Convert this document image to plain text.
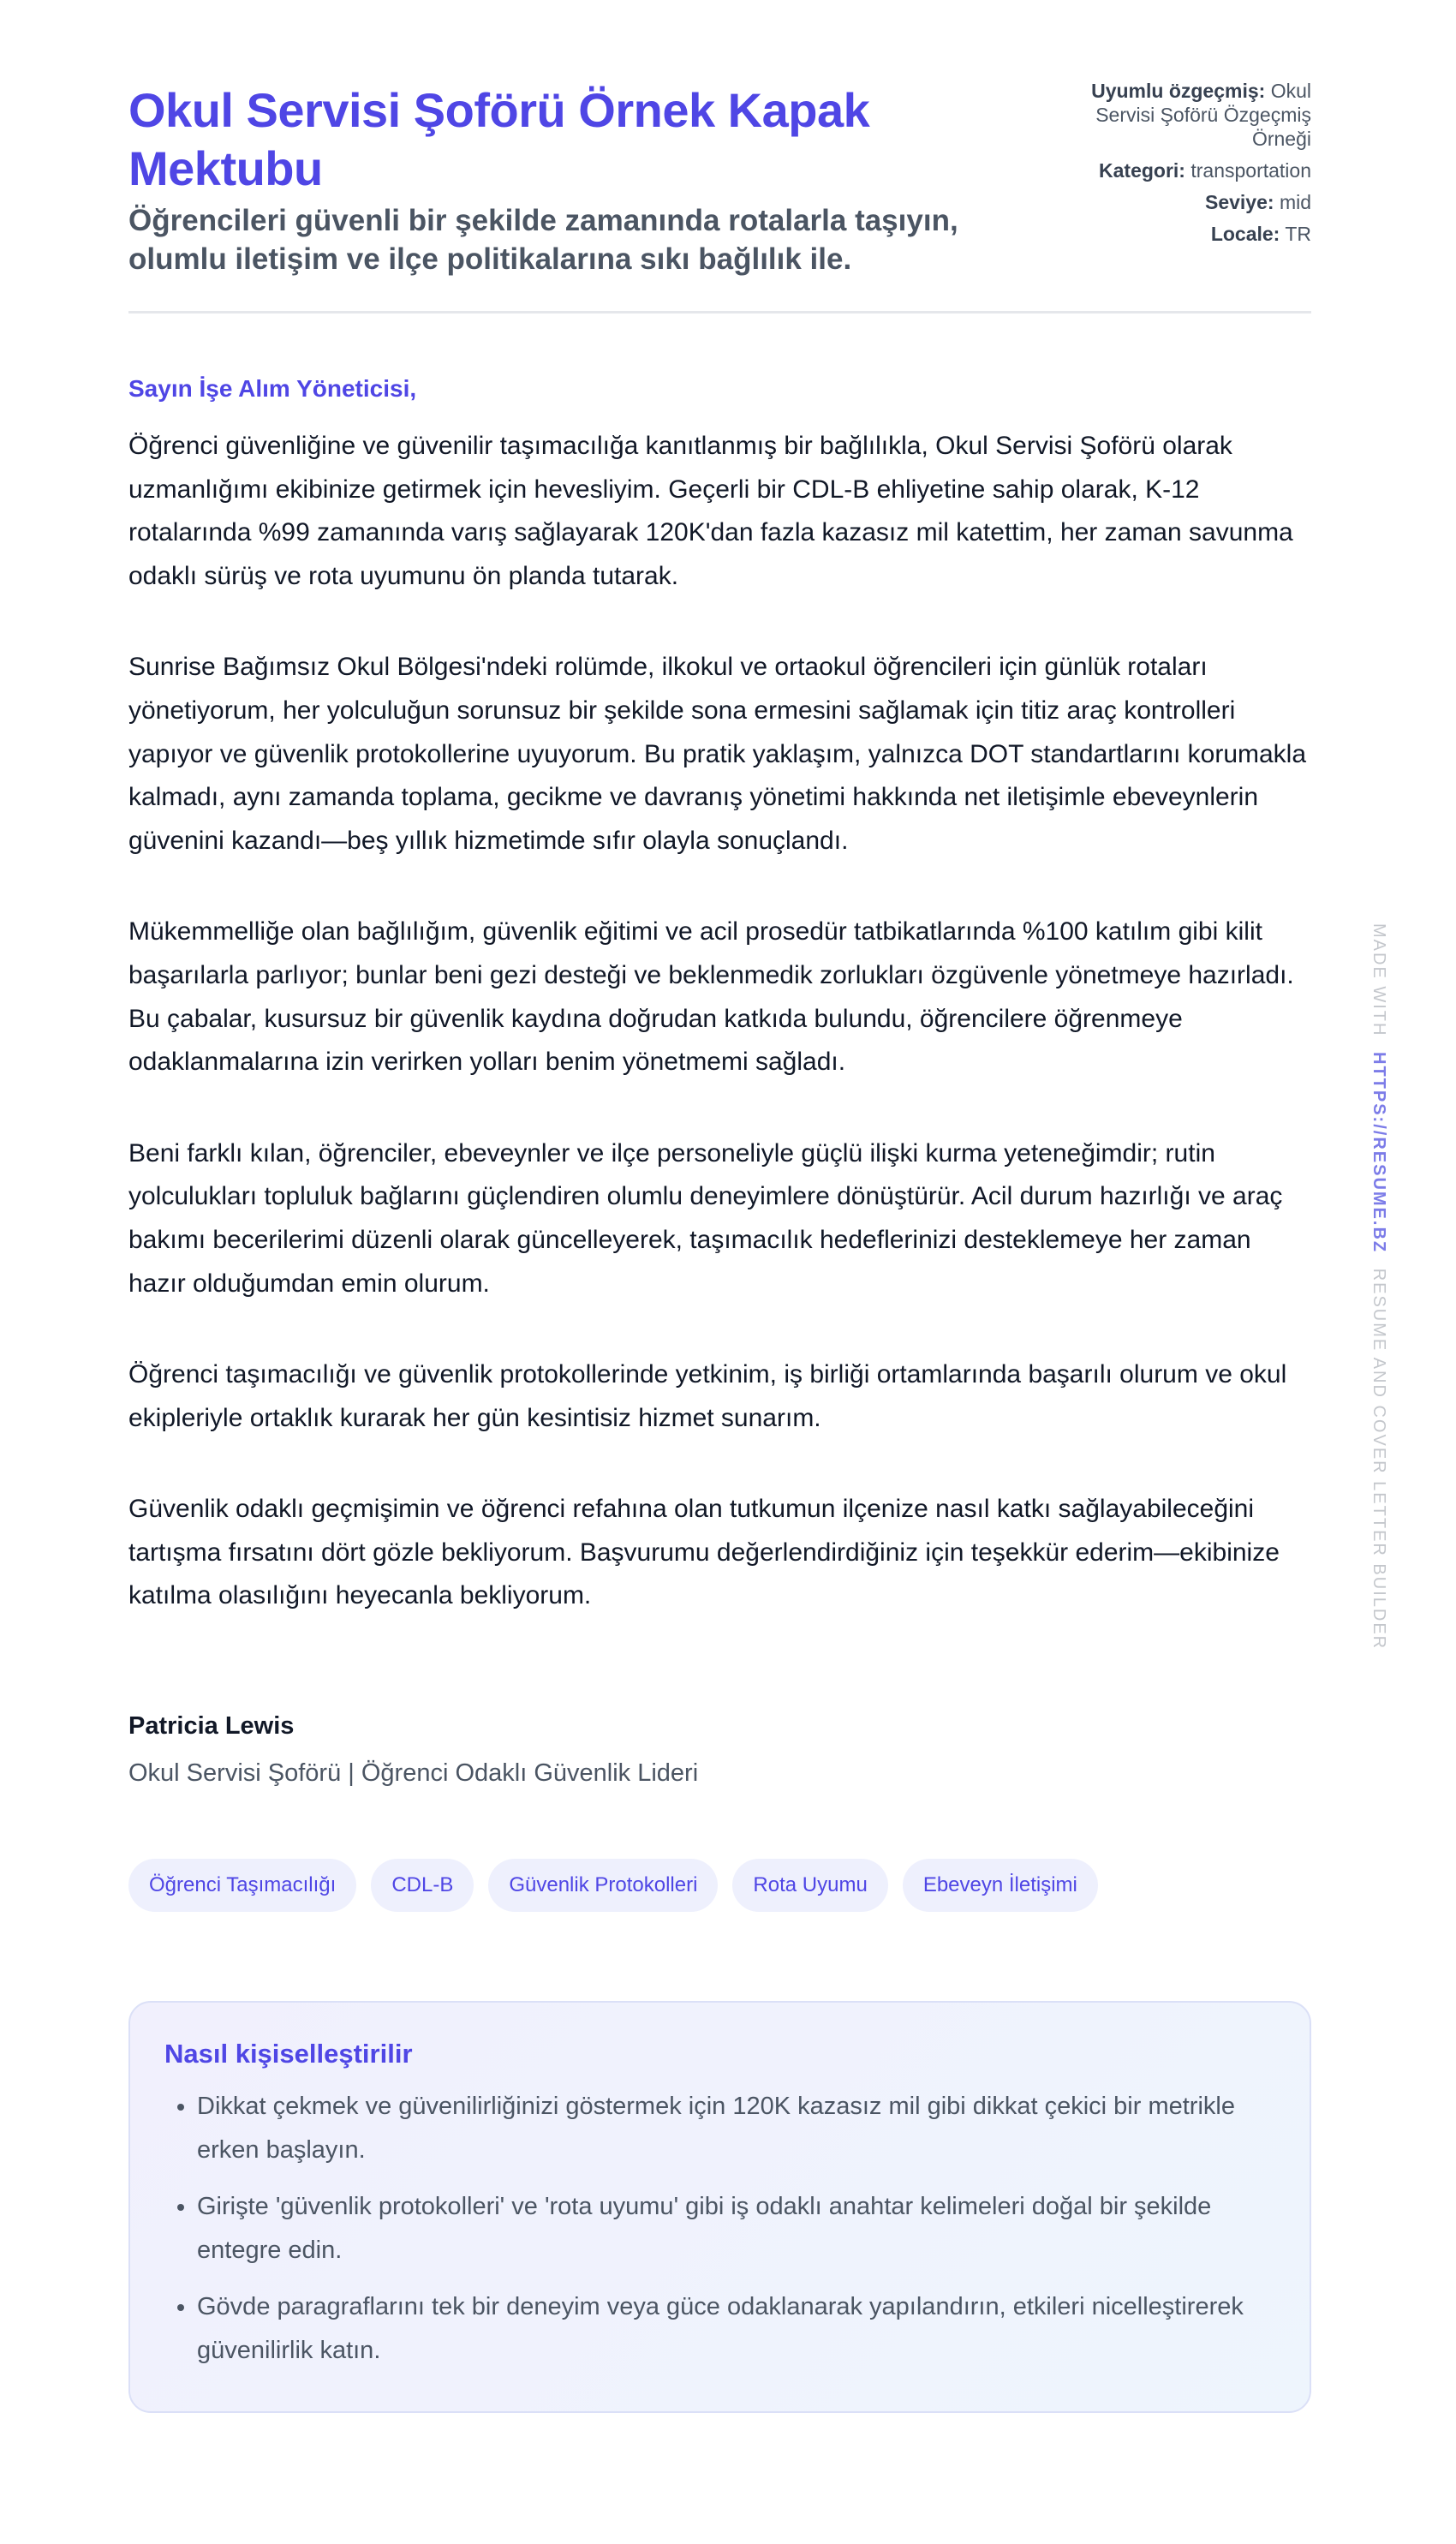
Okul Servisi Şoförü Örnek Kapak Mektubu

Öğrencileri güvenli bir şekilde zamanında rotalarla taşıyın, olumlu iletişim ve ilçe politikalarına sıkı bağlılık ile.

Uyumlu özgeçmiş: Okul Servisi Şoförü Özgeçmiş Örneği
Kategori: transportation
Seviye: mid
Locale: TR
Sayın İşe Alım Yöneticisi,

Öğrenci güvenliğine ve güvenilir taşımacılığa kanıtlanmış bir bağlılıkla, Okul Servisi Şoförü olarak uzmanlığımı ekibinize getirmek için hevesliyim. Geçerli bir CDL-B ehliyetine sahip olarak, K-12 rotalarında %99 zamanında varış sağlayarak 120K'dan fazla kazasız mil katettim, her zaman savunma odaklı sürüş ve rota uyumunu ön planda tutarak.

Sunrise Bağımsız Okul Bölgesi'ndeki rolümde, ilkokul ve ortaokul öğrencileri için günlük rotaları yönetiyorum, her yolculuğun sorunsuz bir şekilde sona ermesini sağlamak için titiz araç kontrolleri yapıyor ve güvenlik protokollerine uyuyorum. Bu pratik yaklaşım, yalnızca DOT standartlarını korumakla kalmadı, aynı zamanda toplama, gecikme ve davranış yönetimi hakkında net iletişimle ebeveynlerin güvenini kazandı—beş yıllık hizmetimde sıfır olayla sonuçlandı.

Mükemmelliğe olan bağlılığım, güvenlik eğitimi ve acil prosedür tatbikatlarında %100 katılım gibi kilit başarılarla parlıyor; bunlar beni gezi desteği ve beklenmedik zorlukları özgüvenle yönetmeye hazırladı. Bu çabalar, kusursuz bir güvenlik kaydına doğrudan katkıda bulundu, öğrencilere öğrenmeye odaklanmalarına izin verirken yolları benim yönetmemi sağladı.

Beni farklı kılan, öğrenciler, ebeveynler ve ilçe personeliyle güçlü ilişki kurma yeteneğimdir; rutin yolculukları topluluk bağlarını güçlendiren olumlu deneyimlere dönüştürür. Acil durum hazırlığı ve araç bakımı becerilerimi düzenli olarak güncelleyerek, taşımacılık hedeflerinizi desteklemeye her zaman hazır olduğumdan emin olurum.

Öğrenci taşımacılığı ve güvenlik protokollerinde yetkinim, iş birliği ortamlarında başarılı olurum ve okul ekipleriyle ortaklık kurarak her gün kesintisiz hizmet sunarım.

Güvenlik odaklı geçmişimin ve öğrenci refahına olan tutkumun ilçenize nasıl katkı sağlayabileceğini tartışma fırsatını dört gözle bekliyorum. Başvurumu değerlendirdiğiniz için teşekkür ederim—ekibinize katılma olasılığını heyecanla bekliyorum.

Patricia Lewis
Okul Servisi Şoförü | Öğrenci Odaklı Güvenlik Lideri
Öğrenci Taşımacılığı	CDL-B	Güvenlik Protokolleri	Rota Uyumu	Ebeveyn İletişimi
Nasıl kişiselleştirilir
• Dikkat çekmek ve güvenilirliğinizi göstermek için 120K kazasız mil gibi dikkat çekici bir metrikle erken başlayın.
• Girişte 'güvenlik protokolleri' ve 'rota uyumu' gibi iş odaklı anahtar kelimeleri doğal bir şekilde entegre edin.
• Gövde paragraflarını tek bir deneyim veya güce odaklanarak yapılandırın, etkileri nicelleştirerek güvenilirlik katın.
MADE WITH HTTPS://RESUME.BZ RESUME AND COVER LETTER BUILDER
